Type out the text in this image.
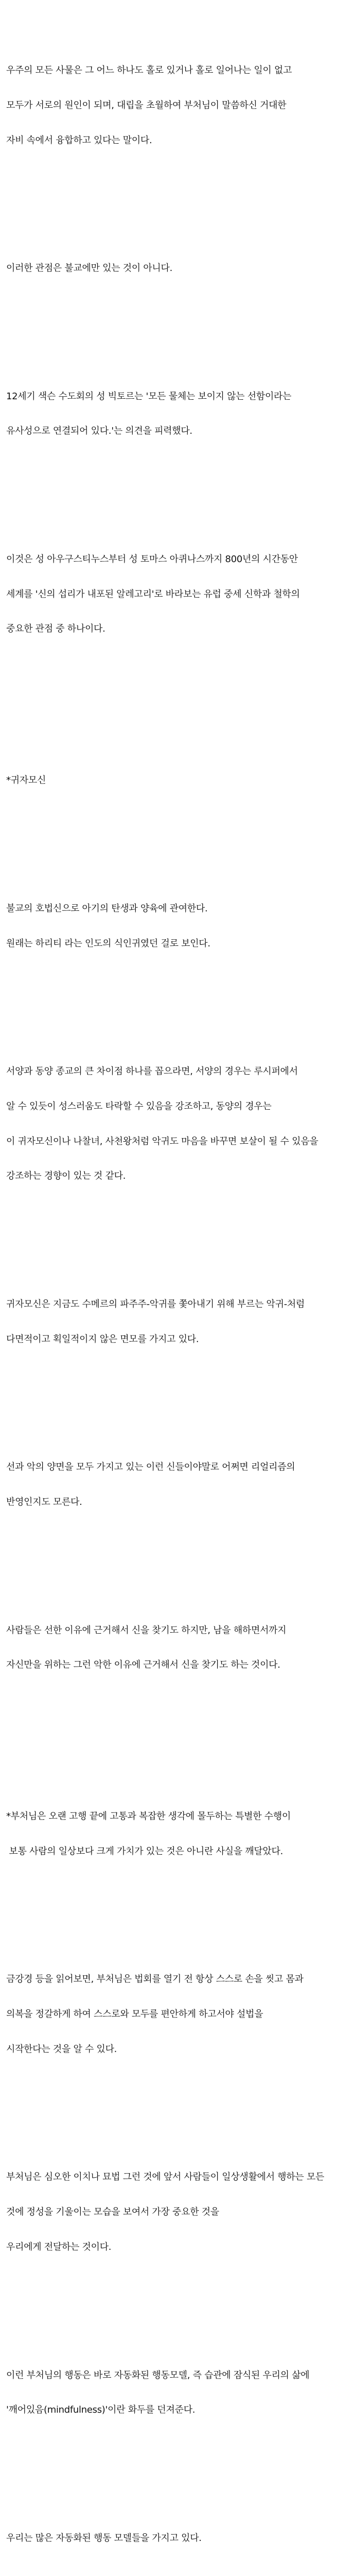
우주의 모든 사물은 그 어느 하나도 홀로 있거나 홀로 일어나는 일이 없고

모두가 서로의 원인이 되며, 대립을 초월하여 부처님이 말씀하신 거대한

자비 속에서 융합하고 있다는 말이다.

이러한 관점은 불교에만 있는 것이 아니다.

12세기 색슨 수도회의 성 빅토르는 '모든 물체는 보이지 않는 선함이라는

유사성으로 연결되어 있다.'는 의견을 피력했다.

이것은 성 아우구스티누스부터 성 토마스 아퀴나스까지 800년의 시간동안

세계를 '신의 섭리가 내포된 알레고리'로 바라보는 유럽 중세 신학과 철학의

중요한 관점 중 하나이다.

*귀자모신

불교의 호법신으로 아기의 탄생과 양육에 관여한다.

원래는 하리티 라는 인도의 식인귀였던 걸로 보인다.

서양과 동양 종교의 큰 차이점 하나를 꼽으라면, 서양의 경우는 루시퍼에서

알 수 있듯이 성스러움도 타락할 수 있음을 강조하고, 동양의 경우는

이 귀자모신이나 나찰녀, 사천왕처럼 악귀도 마음을 바꾸면 보살이 될 수 있음을

강조하는 경향이 있는 것 같다.

귀자모신은 지금도 수메르의 파주주-악귀를 쫓아내기 위해 부르는 악귀-처럼

다면적이고 획일적이지 않은 면모를 가지고 있다.

선과 악의 양면을 모두 가지고 있는 이런 신들이야말로 어쩌면 리얼리즘의

반영인지도 모른다.

사람들은 선한 이유에 근거해서 신을 찾기도 하지만, 남을 해하면서까지

자신만을 위하는 그런 악한 이유에 근거해서 신을 찾기도 하는 것이다.

*부처님은 오랜 고행 끝에 고통과 복잡한 생각에 몰두하는 특별한 수행이

보통 사람의 일상보다 크게 가치가 있는 것은 아니란 사실을 깨달았다.

금강경 등을 읽어보면, 부처님은 법회를 열기 전 항상 스스로 손을 씻고 몸과

의복을 정갈하게 하여 스스로와 모두를 편안하게 하고서야 설법을

시작한다는 것을 알 수 있다.

부처님은 심오한 이치나 묘법 그런 것에 앞서 사람들이 일상생활에서 행하는 모든

것에 정성을 기울이는 모습을 보여서 가장 중요한 것을

우리에게 전달하는 것이다.

이런 부처님의 행동은 바로 자동화된 행동모델, 즉 습관에 잠식된 우리의 삶에

'깨어있음(mindfulness)'이란 화두를 던져준다.

우리는 많은 자동화된 행동 모델들을 가지고 있다.
